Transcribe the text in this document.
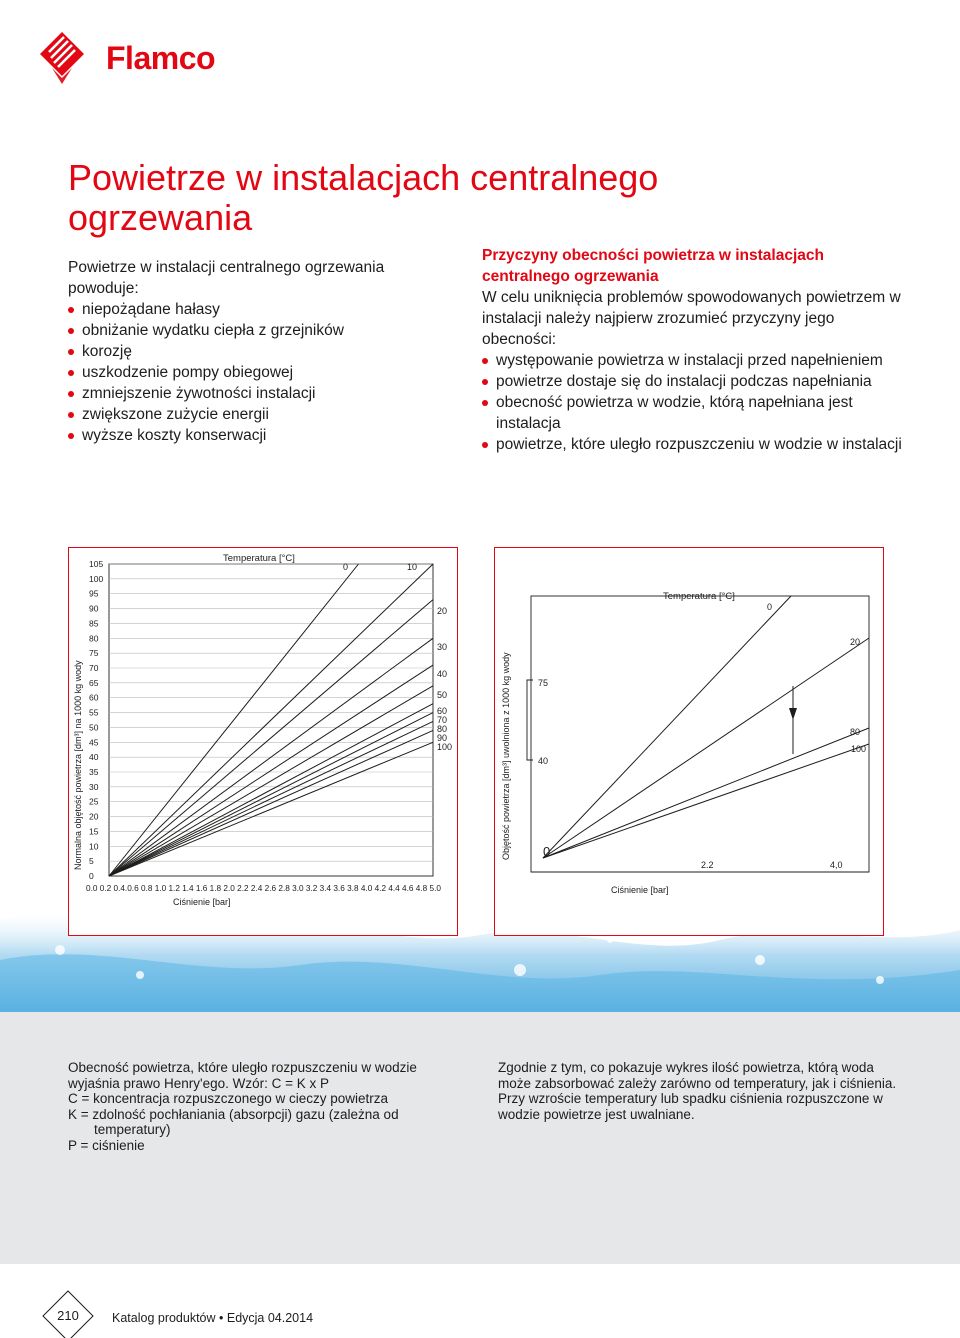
Flamco
Powietrze w instalacjach centralnego ogrzewania

Powietrze w instalacji centralnego ogrzewania powoduje:

niepożądane hałasy
obniżanie wydatku ciepła z grzejników
korozję
uszkodzenie pompy obiegowej
zmniejszenie żywotności instalacji
zwiększone zużycie energii
wyższe koszty konserwacji

Przyczyny obecności powietrza w instalacjach centralnego ogrzewania

W celu uniknięcia problemów spowodowanych powietrzem w instalacji należy najpierw zrozumieć przyczyny jego obecności:

występowanie powietrza w instalacji przed napełnieniem
powietrze dostaje się do instalacji podczas napełniania
obecność powietrza w wodzie, którą napełniana jest instalacja
powietrze, które uległo rozpuszczeniu w wodzie w instalacji
Temperatura [°C]
Normalna objętość powietrza [dm³] na 1000 kg wody
0.0 0.2 0.4.0.6 0.8 1.0 1.2 1.4 1.6 1.8 2.0 2.2 2.4 2.6 2.8 3.0 3.2 3.4 3.6 3.8 4.0 4.2 4.4 4.6 4.8 5.0
Ciśnienie [bar]
0
5
10
15
20
25
30
35
40
45
50
55
60
65
70
75
80
85
90
95
100
105	0	10
20
30
40
50
60
70
80
90
100
Temperatura [°C]
Objętość powietrza [dm³] uwolniona z 1000 kg wody
Ciśnienie [bar]
0
20
80
100
75
40
0
2.2	4,0

Obecność powietrza, które uległo rozpuszczeniu w wodzie wyjaśnia prawo Henry'ego. Wzór: C = K x P

C = koncentracja rozpuszczonego w cieczy powietrza

K = zdolność pochłaniania (absorpcji) gazu (zależna od

temperatury)

P = ciśnienie

Zgodnie z tym, co pokazuje wykres ilość powietrza, którą woda może zabsorbować zależy zarówno od temperatury, jak i ciśnienia. Przy wzroście temperatury lub spadku ciśnienia rozpuszczone w wodzie powietrze jest uwalniane.

210	Katalog produktów • Edycja 04.2014
